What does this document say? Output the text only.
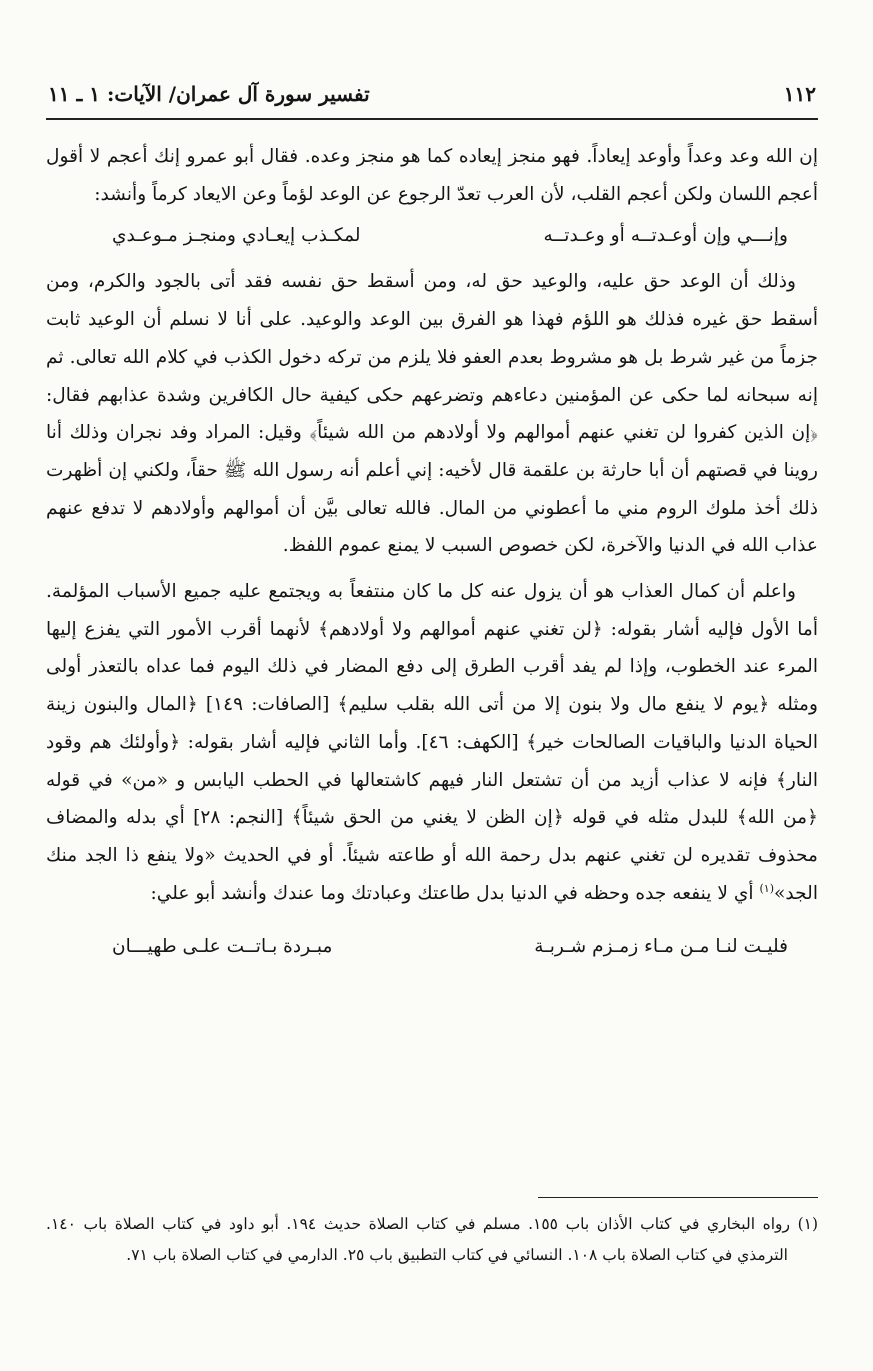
١١٢
تفسير سورة آل عمران/ الآيات: ١ ـ ١١

إن الله وعد وعداً وأوعد إيعاداً. فهو منجز إيعاده كما هو منجز وعده. فقال أبو عمرو إنك أعجم لا أقول أعجم اللسان ولكن أعجم القلب، لأن العرب تعدّ الرجوع عن الوعد لؤماً وعن الايعاد كرماً وأنشد:

وإنـــي وإن أوعـدتــه أو وعـدتــه
لمكـذب إيعـادي ومنجـز مـوعـدي

وذلك أن الوعد حق عليه، والوعيد حق له، ومن أسقط حق نفسه فقد أتى بالجود والكرم، ومن أسقط حق غيره فذلك هو اللؤم فهذا هو الفرق بين الوعد والوعيد. على أنا لا نسلم أن الوعيد ثابت جزماً من غير شرط بل هو مشروط بعدم العفو فلا يلزم من تركه دخول الكذب في كلام الله تعالى. ثم إنه سبحانه لما حكى عن المؤمنين دعاءهم وتضرعهم حكى كيفية حال الكافرين وشدة عذابهم فقال: ﴿إن الذين كفروا لن تغني عنهم أموالهم ولا أولادهم من الله شيئاً﴾ وقيل: المراد وفد نجران وذلك أنا روينا في قصتهم أن أبا حارثة بن علقمة قال لأخيه: إني أعلم أنه رسول الله ﷺ حقاً، ولكني إن أظهرت ذلك أخذ ملوك الروم مني ما أعطوني من المال. فالله تعالى بيَّن أن أموالهم وأولادهم لا تدفع عنهم عذاب الله في الدنيا والآخرة، لكن خصوص السبب لا يمنع عموم اللفظ.

واعلم أن كمال العذاب هو أن يزول عنه كل ما كان منتفعاً به ويجتمع عليه جميع الأسباب المؤلمة. أما الأول فإليه أشار بقوله: ﴿لن تغني عنهم أموالهم ولا أولادهم﴾ لأنهما أقرب الأمور التي يفزع إليها المرء عند الخطوب، وإذا لم يفد أقرب الطرق إلى دفع المضار في ذلك اليوم فما عداه بالتعذر أولى ومثله ﴿يوم لا ينفع مال ولا بنون إلا من أتى الله بقلب سليم﴾ [الصافات: ١٤٩] ﴿المال والبنون زينة الحياة الدنيا والباقيات الصالحات خير﴾ [الكهف: ٤٦]. وأما الثاني فإليه أشار بقوله: ﴿وأولئك هم وقود النار﴾ فإنه لا عذاب أزيد من أن تشتعل النار فيهم كاشتعالها في الحطب اليابس و «من» في قوله ﴿من الله﴾ للبدل مثله في قوله ﴿إن الظن لا يغني من الحق شيئاً﴾ [النجم: ٢٨] أي بدله والمضاف محذوف تقديره لن تغني عنهم بدل رحمة الله أو طاعته شيئاً. أو في الحديث «ولا ينفع ذا الجد منك الجد»$^{(١)}$ أي لا ينفعه جده وحظه في الدنيا بدل طاعتك وعبادتك وما عندك وأنشد أبو علي:

فليـت لنـا مـن مـاء زمـزم شـربـة
مبـردة بـاتــت علـى طهيـــان

(١) رواه البخاري في كتاب الأذان باب ١٥٥. مسلم في كتاب الصلاة حديث ١٩٤. أبو داود في كتاب الصلاة باب ١٤٠. الترمذي في كتاب الصلاة باب ١٠٨. النسائي في كتاب التطبيق باب ٢٥. الدارمي في كتاب الصلاة باب ٧١.
